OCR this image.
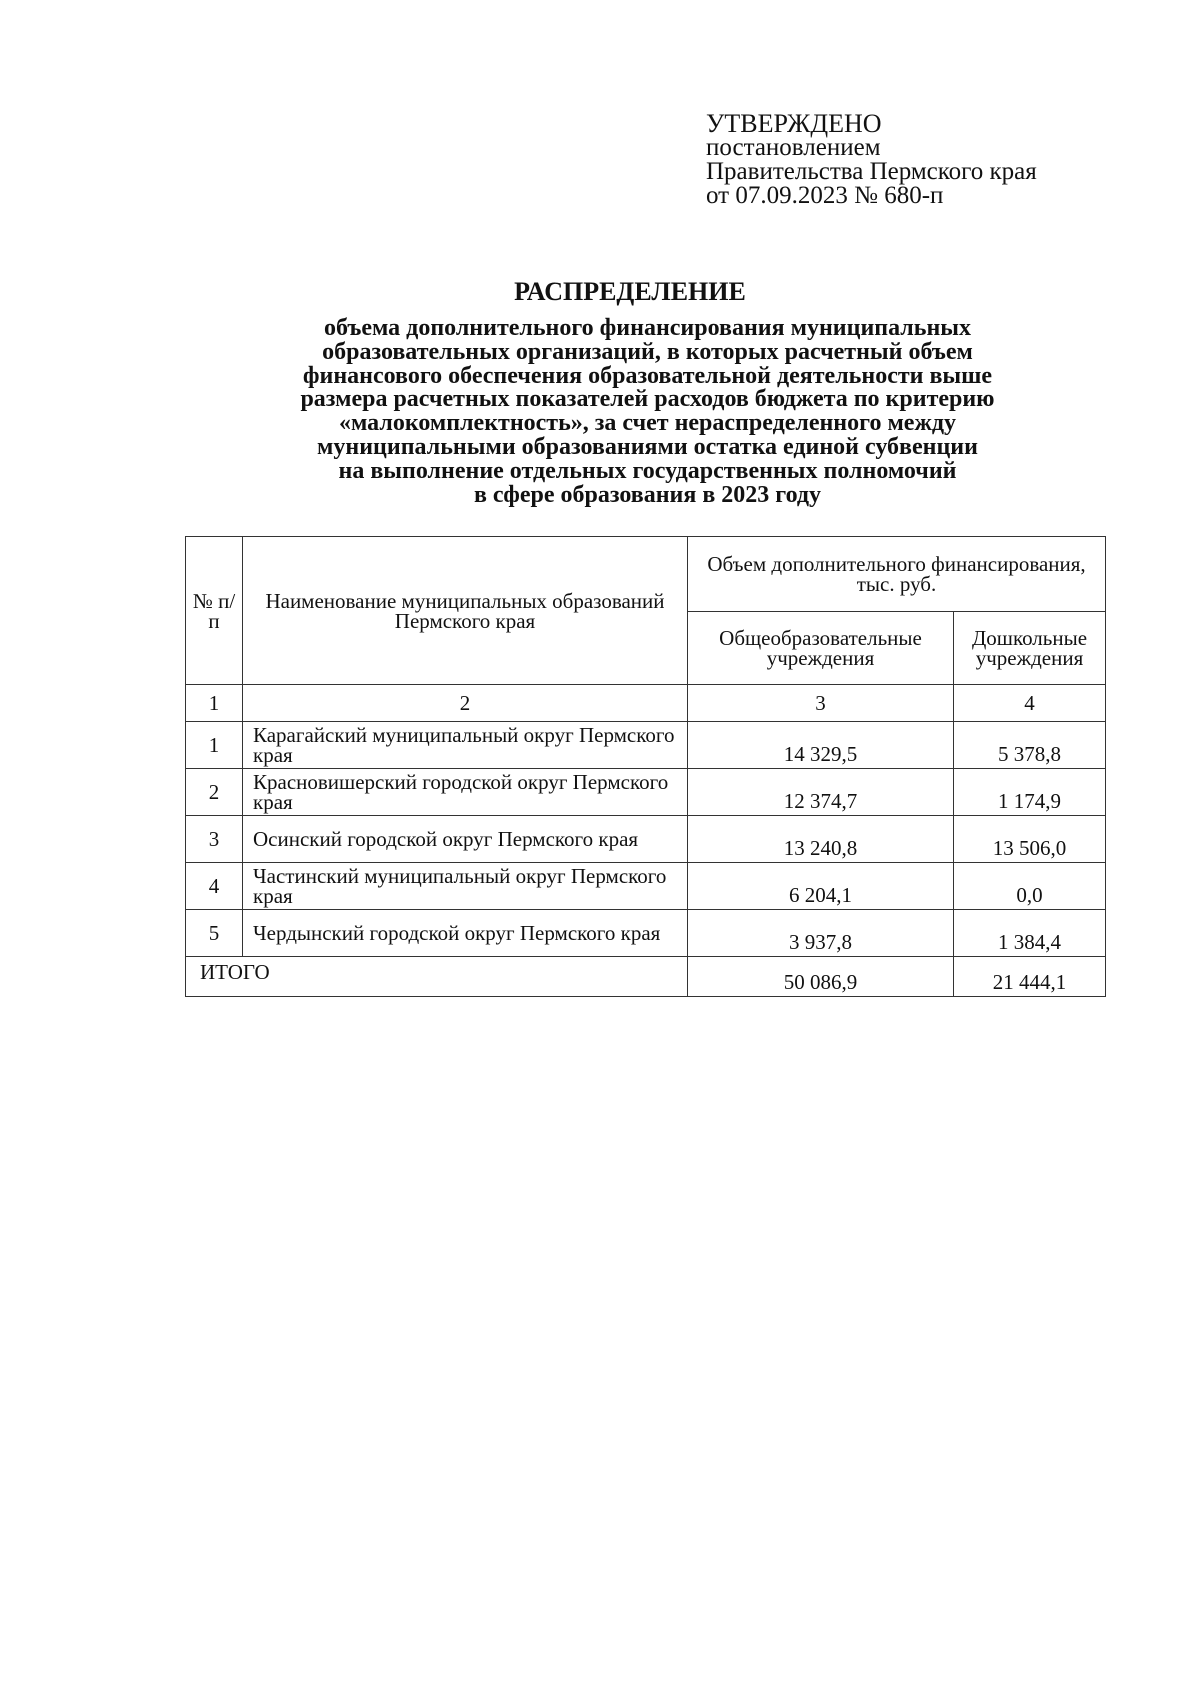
УТВЕРЖДЕНО
постановлением
Правительства Пермского края
от 07.09.2023 № 680-п
РАСПРЕДЕЛЕНИЕ
объема дополнительного финансирования муниципальных
образовательных организаций, в которых расчетный объем
финансового обеспечения образовательной деятельности выше
размера расчетных показателей расходов бюджета по критерию
«малокомплектность», за счет нераспределенного между
муниципальными образованиями остатка единой субвенции
на выполнение отдельных государственных полномочий
в сфере образования в 2023 году
№ п/п	Наименование муниципальных образований Пермского края	Объем дополнительного финансирования, тыс. руб.	
		Общеобразовательные учреждения	Дошкольные учреждения
1	2	3	4
1	Карагайский муниципальный округ Пермского края	14 329,5	5 378,8
2	Красновишерский городской округ Пермского края	12 374,7	1 174,9
3	Осинский городской округ Пермского края	13 240,8	13 506,0
4	Частинский муниципальный округ Пермского края	6 204,1	0,0
5	Чердынский городской округ Пермского края	3 937,8	1 384,4
ИТОГО		50 086,9	21 444,1
